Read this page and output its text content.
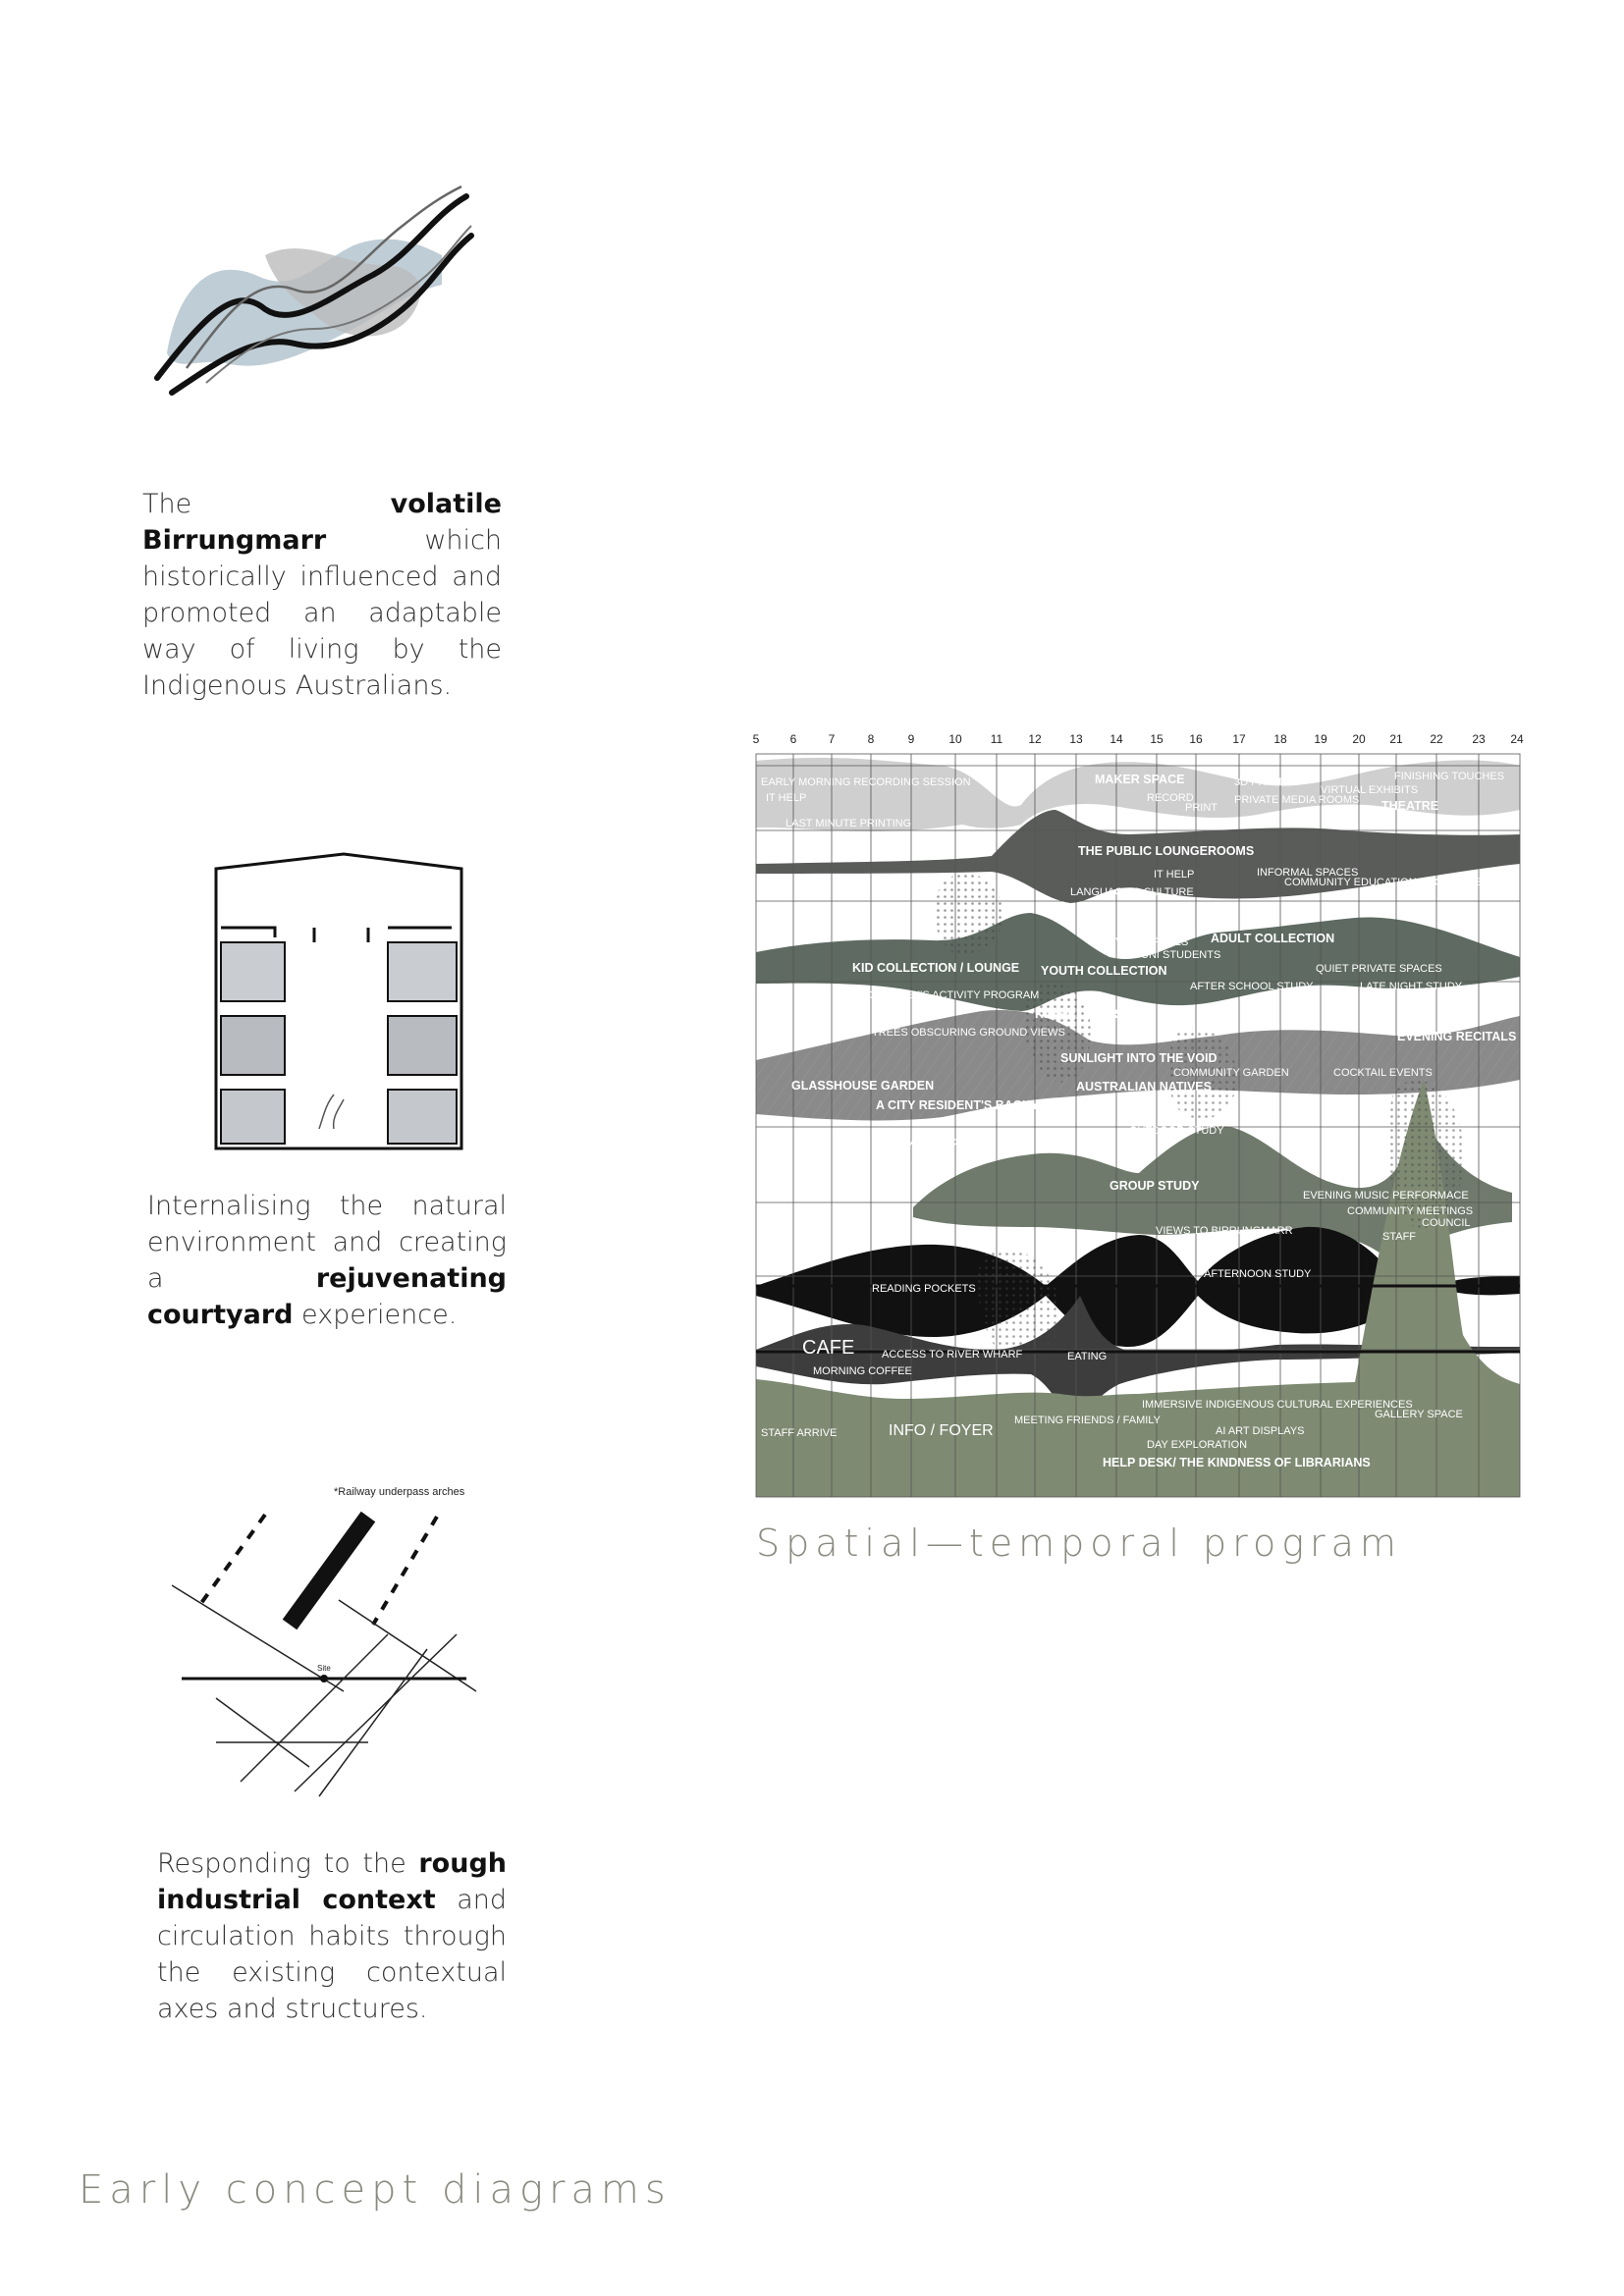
The volatile Birrungmarr which historically influenced and promoted an adaptable way of living by the Indigenous Australians.

Internalising the natural environment and creating a rejuvenating courtyard experience.

*Railway underpass arches
Site

Responding to the rough industrial context and circulation habits through the existing contextual axes and structures.

Early concept diagrams
5	6	7	8	9	10 11 12 13 14 15 16	17 18 19 20 21 22 23 24
EARLY MORNING RECORDING SESSION
IT HELP
LAST MINUTE PRINTING
MAKER SPACE
RECORD
PRINT
3D PRINT
PRIVATE MEDIA ROOMS
VIRTUAL EXHIBITS
FINISHING TOUCHES
THEATRE
THE PUBLIC LOUNGEROOMS
IT HELP	INFORMAL SPACES
COMMUNITY EDUCATION PROGRAMS
LANGUAGE & CULTURE
PRIVATE SPACES
UNI STUDENTS
ADULT COLLECTION
KID COLLECTION / LOUNGE YOUTH COLLECTION	QUIET PRIVATE SPACES
AFTER SCHOOL STUDY	LATE NIGHT STUDY
CHILDREN'S ACTIVITY PROGRAM
KIDS EXPLORATION
TREES OBSCURING GROUND VIEWS	EVENING RECITALS
SUNLIGHT INTO THE VOID
COMMUNITY GARDEN	COCKTAIL EVENTS
GLASSHOUSE GARDEN	AUSTRALIAN NATIVES
A CITY RESIDENT'S BACKYARD
OUTDOOR STUDY
PRIVATE ALCOVES
GROUP STUDY
EVENING MUSIC PERFORMACE
COMMUNITY MEETINGS
COUNCIL
STAFF
VIEWS TO BIRRUNGMARR
AFTERNOON STUDY
READING POCKETS
CAFE	ACCESS TO RIVER WHARF	EATING
MORNING COFFEE
IMMERSIVE INDIGENOUS CULTURAL EXPERIENCES
GALLERY SPACE
MEETING FRIENDS / FAMILY
AI ART DISPLAYS
STAFF ARRIVE	INFO / FOYER
DAY EXPLORATION
HELP DESK/ THE KINDNESS OF LIBRARIANS
Spatial—temporal program
